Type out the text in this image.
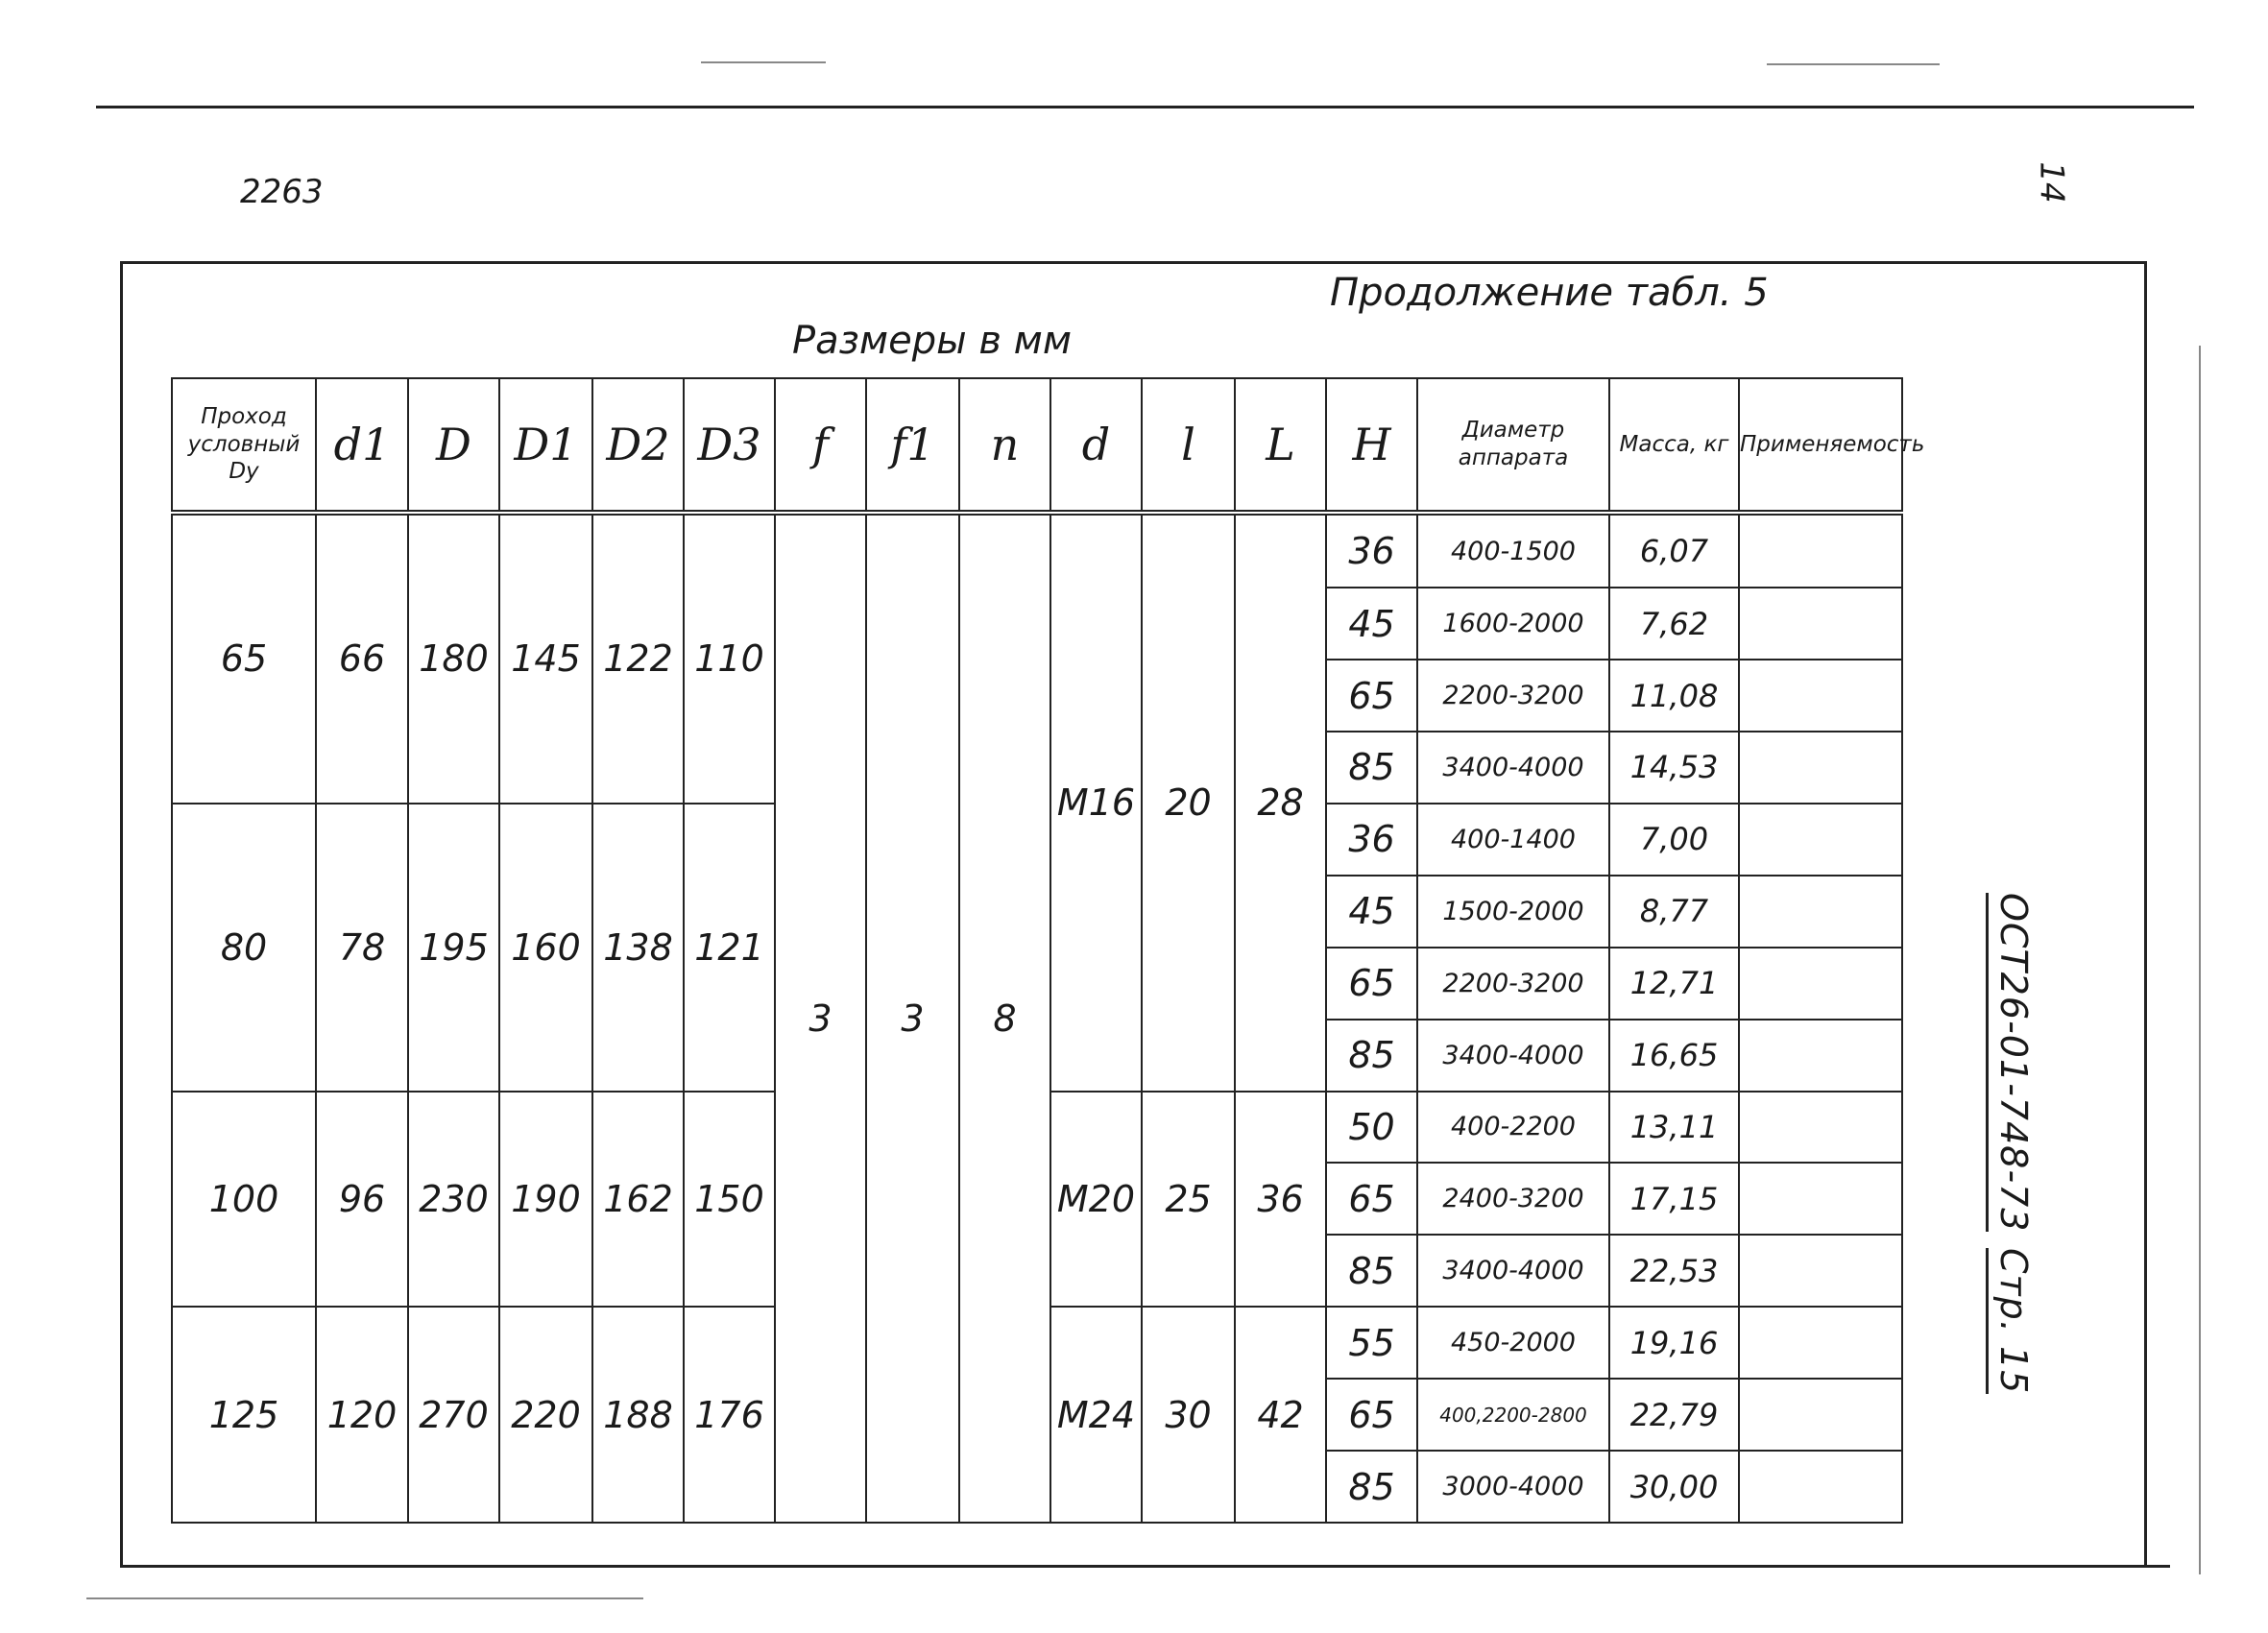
2263	14
Продолжение табл. 5
Размеры в мм
Проход условный Dy	d1	D	D1	D2	D3	f	f1	n	d	l	L	H	Диаметр аппарата	Масса, кг	Применяемость
65	66	180	145	122	110	3	3	8	M16	20	28	36	400-1500	6,07	
												45	1600-2000	7,62	
												65	2200-3200	11,08	
												85	3400-4000	14,53	
80	78	195	160	138	121							36	400-1400	7,00	
												45	1500-2000	8,77	
												65	2200-3200	12,71	
												85	3400-4000	16,65	
100	96	230	190	162	150				M20	25	36	50	400-2200	13,11	
												65	2400-3200	17,15	
												85	3400-4000	22,53	
125	120	270	220	188	176				M24	30	42	55	450-2000	19,16	
												65	400,2200-2800	22,79	
												85	3000-4000	30,00	
ОСТ26-01-748-73
Стр. 15
